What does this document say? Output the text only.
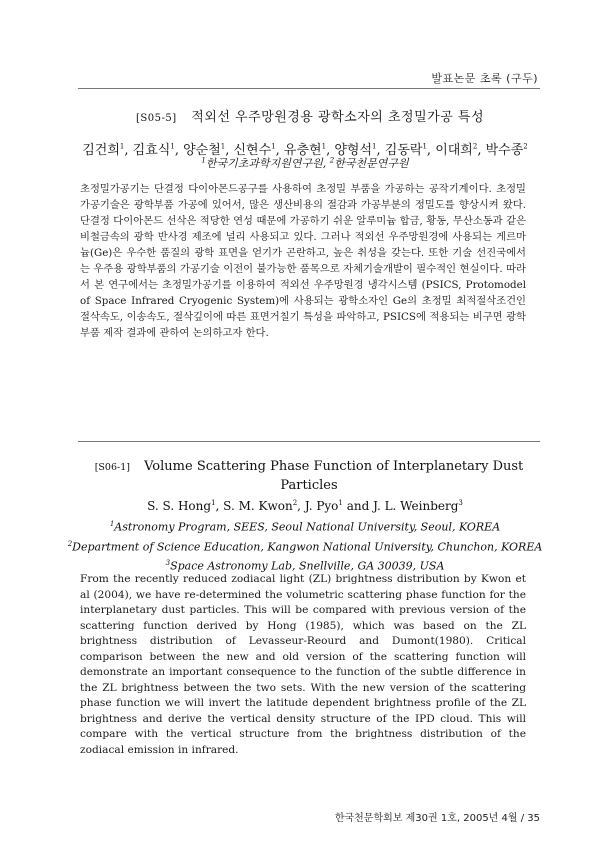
발표논문 초록 (구두)
[S05-5] 적외선 우주망원경용 광학소자의 초정밀가공 특성
김건희$^1$, 김효식$^1$, 양순철$^1$, 신현수$^1$, 유충현$^1$, 양형석$^1$, 김동락$^1$, 이대희$^2$, 박수종$^2$
$^1$한국기초과학지원연구원, $^2$한국천문연구원

초정밀가공기는 단결정 다이아몬드공구를 사용하여 초정밀 부품을 가공하는 공작기계이다. 초정밀 가공기술은 광학부품 가공에 있어서, 많은 생산비용의 절감과 가공부분의 정밀도를 향상시켜 왔다. 단결정 다이아몬드 선삭은 적당한 연성 때문에 가공하기 쉬운 알루미늄 합금, 황동, 무산소동과 같은 비철금속의 광학 반사경 제조에 널리 사용되고 있다. 그러나 적외선 우주망원경에 사용되는 게르마늄(Ge)은 우수한 품질의 광학 표면을 얻기가 곤란하고, 높은 취성을 갖는다. 또한 기술 선진국에서는 우주용 광학부품의 가공기술 이전이 불가능한 품목으로 자체기술개발이 필수적인 현실이다. 따라서 본 연구에서는 초정밀가공기를 이용하여 적외선 우주망원경 냉각시스템 (PSICS, Protomodel of Space Infrared Cryogenic System)에 사용되는 광학소자인 Ge의 초정밀 최적절삭조건인 절삭속도, 이송속도, 절삭깊이에 따른 표면거칠기 특성을 파악하고, PSICS에 적용되는 비구면 광학부품 제작 결과에 관하여 논의하고자 한다.

[S06-1] Volume Scattering Phase Function of Interplanetary Dust Particles
S. S. Hong$^1$, S. M. Kwon$^2$, J. Pyo$^1$ and J. L. Weinberg$^3$
$^1$Astronomy Program, SEES, Seoul National University, Seoul, KOREA
$^2$Department of Science Education, Kangwon National University, Chunchon, KOREA
$^3$Space Astronomy Lab, Snellville, GA 30039, USA

From the recently reduced zodiacal light (ZL) brightness distribution by Kwon et al (2004), we have re-determined the volumetric scattering phase function for the interplanetary dust particles. This will be compared with previous version of the scattering function derived by Hong (1985), which was based on the ZL brightness distribution of Levasseur-Reourd and Dumont(1980). Critical comparison between the new and old version of the scattering function will demonstrate an important consequence to the function of the subtle difference in the ZL brightness between the two sets. With the new version of the scattering phase function we will invert the latitude dependent brightness profile of the ZL brightness and derive the vertical density structure of the IPD cloud. This will compare with the vertical structure from the brightness distribution of the zodiacal emission in infrared.

한국천문학회보 제30권 1호, 2005년 4월 / 35
